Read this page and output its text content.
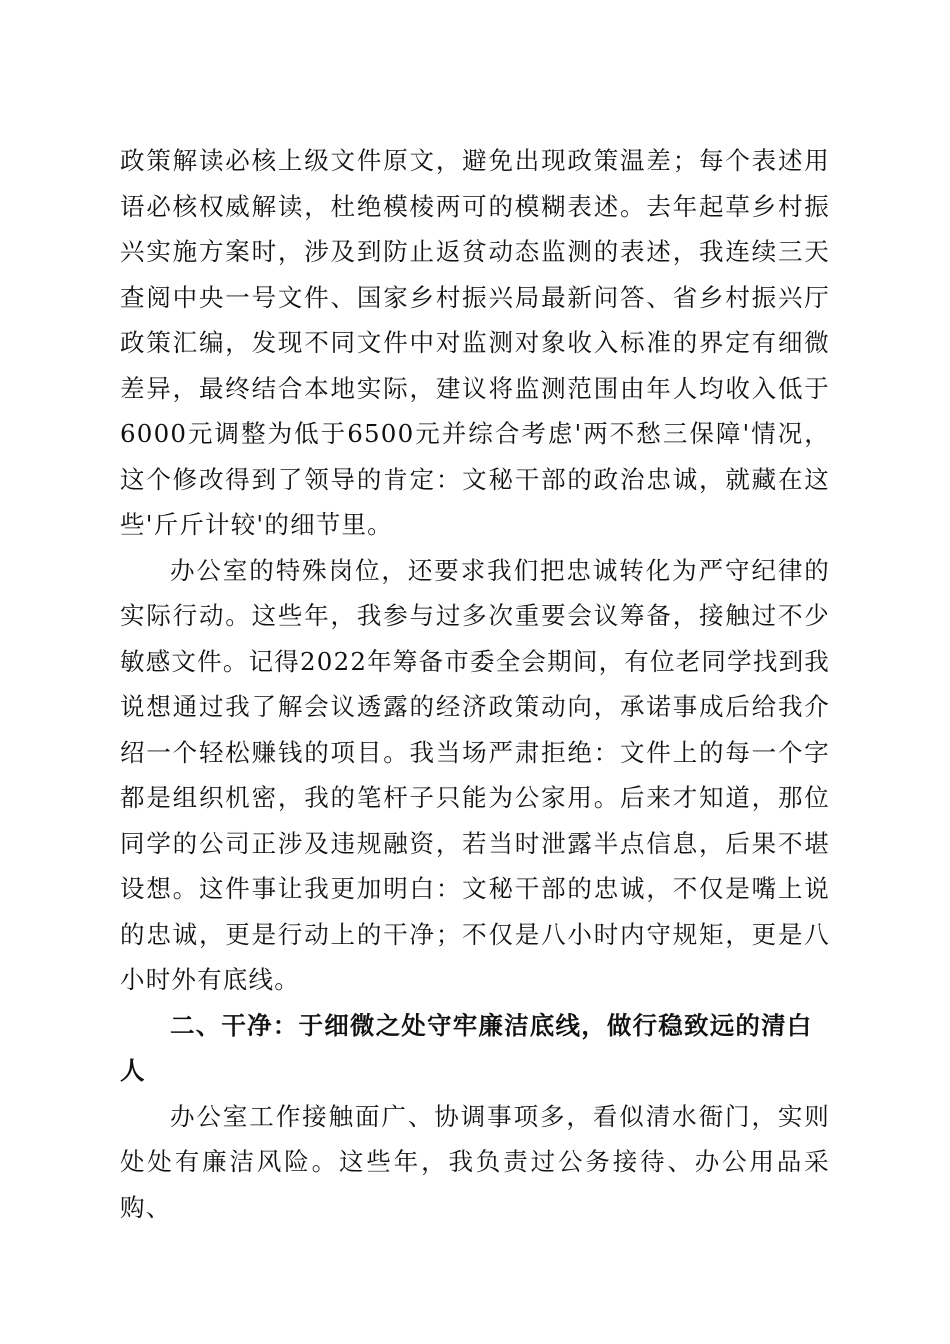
政策解读必核上级文件原文，避免出现政策温差；每个表述用语必核权威解读，杜绝模棱两可的模糊表述。去年起草乡村振兴实施方案时，涉及到防止返贫动态监测的表述，我连续三天查阅中央一号文件、国家乡村振兴局最新问答、省乡村振兴厅政策汇编，发现不同文件中对监测对象收入标准的界定有细微差异，最终结合本地实际，建议将监测范围由年人均收入低于6000元调整为低于6500元并综合考虑'两不愁三保障'情况，这个修改得到了领导的肯定：文秘干部的政治忠诚，就藏在这些'斤斤计较'的细节里。

办公室的特殊岗位，还要求我们把忠诚转化为严守纪律的实际行动。这些年，我参与过多次重要会议筹备，接触过不少敏感文件。记得2022年筹备市委全会期间，有位老同学找到我说想通过我了解会议透露的经济政策动向，承诺事成后给我介绍一个轻松赚钱的项目。我当场严肃拒绝：文件上的每一个字都是组织机密，我的笔杆子只能为公家用。后来才知道，那位同学的公司正涉及违规融资，若当时泄露半点信息，后果不堪设想。这件事让我更加明白：文秘干部的忠诚，不仅是嘴上说的忠诚，更是行动上的干净；不仅是八小时内守规矩，更是八小时外有底线。

二、干净：于细微之处守牢廉洁底线，做行稳致远的清白人

办公室工作接触面广、协调事项多，看似清水衙门，实则处处有廉洁风险。这些年，我负责过公务接待、办公用品采购、
